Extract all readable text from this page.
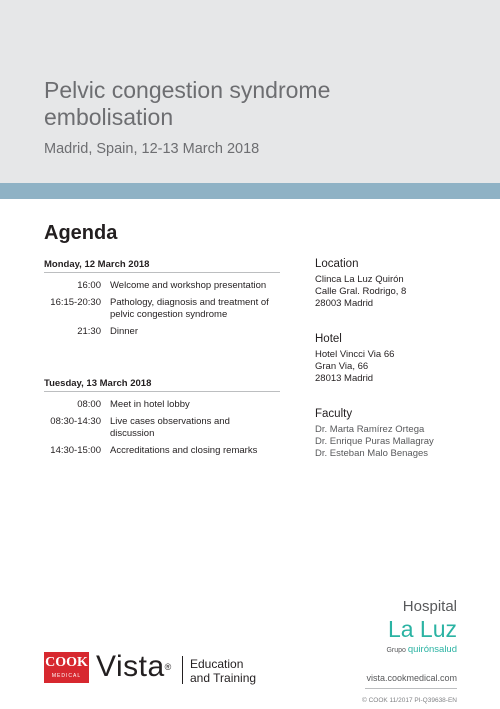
Pelvic congestion syndrome embolisation
Madrid, Spain, 12-13 March 2018
Agenda
Monday, 12 March 2018
16:00 Welcome and workshop presentation
16:15-20:30 Pathology, diagnosis and treatment of pelvic congestion syndrome
21:30 Dinner
Tuesday, 13 March 2018
08:00 Meet in hotel lobby
08:30-14:30 Live cases observations and discussion
14:30-15:00 Accreditations and closing remarks
Location
Clinca La Luz Quirón
Calle Gral. Rodrigo, 8
28003 Madrid
Hotel
Hotel Vincci Via 66
Gran Via, 66
28013 Madrid
Faculty
Dr. Marta Ramírez Ortega
Dr. Enrique Puras Mallagray
Dr. Esteban Malo Benages
Hospital
La Luz
Grupo quirónsalud
vista.cookmedical.com
© COOK 11/2017 PI-Q39638-EN
COOK
MEDICAL Vista® Education
and Training
